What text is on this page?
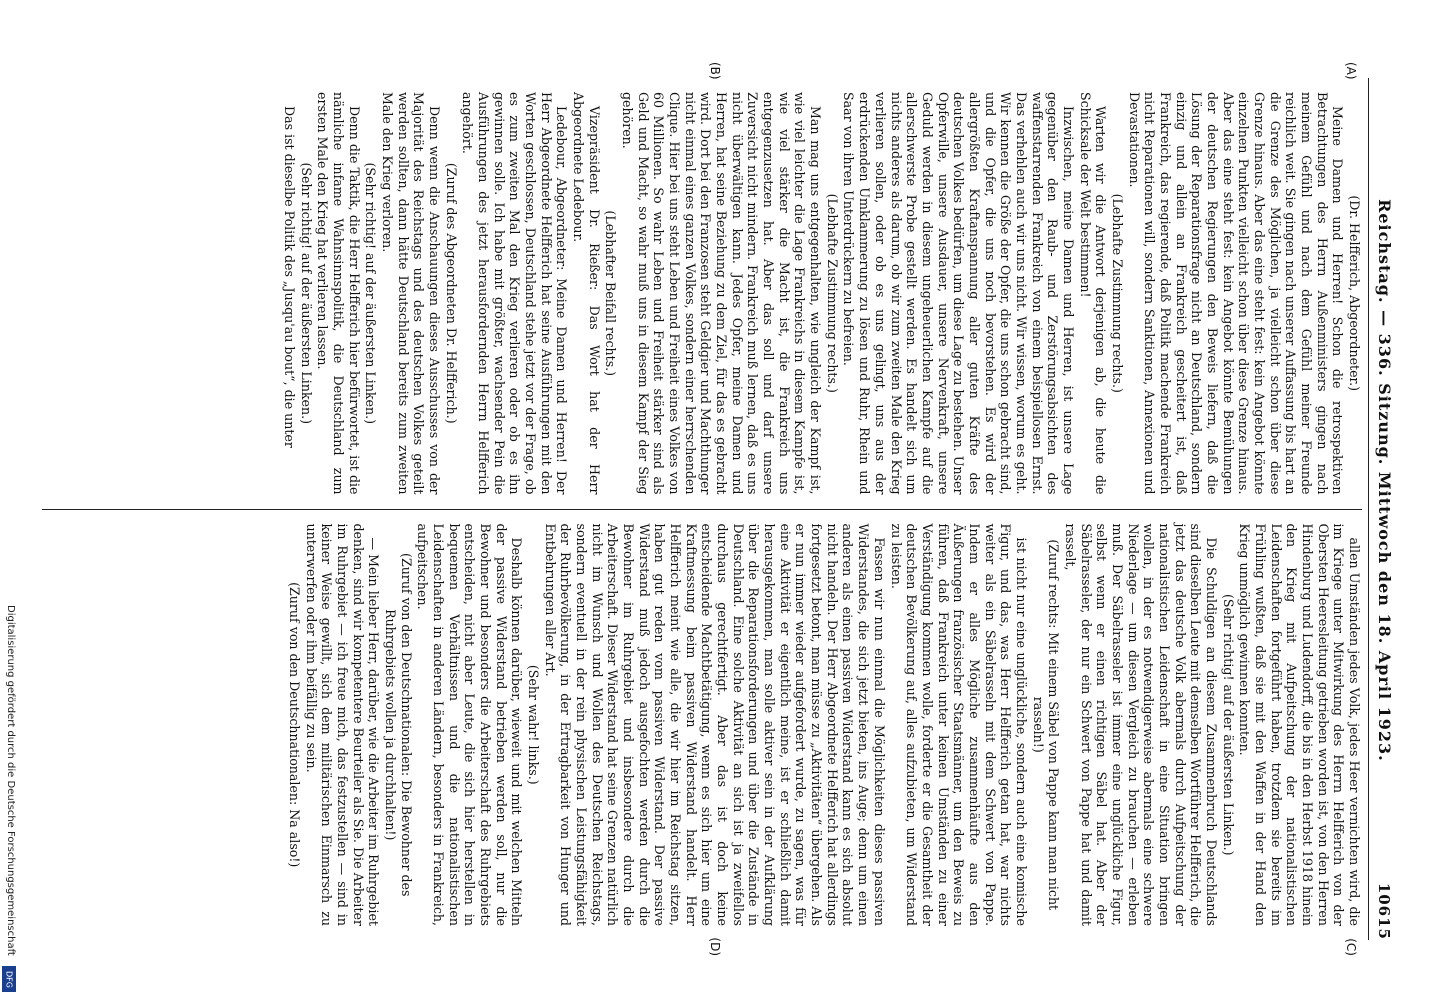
Reichstag. — 336. Sitzung. Mittwoch den 18. April 1923.
10615
(A)
(B)

(Dr. Helfferich, Abgeordneter.)

Meine Damen und Herren! Schon die retrospektiven Betrachtungen des Herrn Außenministers gingen nach meinem Gefühl und nach dem Gefühl meiner Freunde reichlich weit. Sie gingen nach unserer Auffassung bis hart an die Grenze des Möglichen, ja vielleicht schon über diese Grenze hinaus. Aber das eine steht fest: kein Angebot könnte einzelnen Punkten vielleicht schon über diese Grenze hinaus. Aber das eine steht fest: kein Angebot könnte Bemühungen der deutschen Regierungen den Beweis liefern, daß die Lösung der Reparationsfrage nicht an Deutschland, sondern einzig und allein an Frankreich gescheitert ist, daß Frankreich, das regierende, daß Politik machende Frankreich nicht Reparationen will, sondern Sanktionen, Annexionen und Devastationen.

(Lebhafte Zustimmung rechts.)

Warten wir die Antwort derjenigen ab, die heute die Schicksale der Welt bestimmen!

Inzwischen, meine Damen und Herren, ist unsere Lage gegenüber den Raub- und Zerstörungsabsichten des waffenstarrenden Frankreich von einem beispiellosen Ernst. Das verhehlen auch wir uns nicht. Wir wissen, worum es geht. Wir kennen die Größe der Opfer, die uns schon gebracht sind, und die Opfer, die uns noch bevorstehen. Es wird der allergrößten Kraftanspannung aller guten Kräfte des deutschen Volkes bedürfen, um diese Lage zu bestehen. Unser Opferwille, unsere Ausdauer, unsere Nervenkraft, unsere Geduld werden in diesem ungeheuerlichen Kampfe auf die allerschwerste Probe gestellt werden. Es handelt sich um nichts anderes als darum, ob wir zum zweiten Male den Krieg verlieren sollen, oder ob es uns gelingt, uns aus der erdrückenden Umklammerung zu lösen und Ruhr, Rhein und Saar von ihren Unterdrückern zu befreien.

(Lebhafte Zustimmung rechts.)

Man mag uns entgegenhalten, wie ungleich der Kampf ist, wie viel leichter die Lage Frankreichs in diesem Kampfe ist, wie viel stärker die Macht ist, die Frankreich uns entgegenzusetzen hat. Aber das soll und darf unsere Zuversicht nicht mindern. Frankreich muß lernen, daß es uns nicht überwältigen kann. Jedes Opfer, meine Damen und Herren, hat seine Beziehung zu dem Ziel, für das es gebracht wird. Dort bei den Franzosen steht Geldgier und Machthunger nicht einmal eines ganzen Volkes, sondern einer herrschenden Clique. Hier bei uns steht Leben und Freiheit eines Volkes von 60 Millionen. So wahr Leben und Freiheit stärker sind als Geld und Macht, so wahr muß uns in diesem Kampf der Sieg gehören.

(Lebhafter Beifall rechts.)

Vizepräsident Dr. Rießer: Das Wort hat der Herr Abgeordnete Ledebour.

Ledebour, Abgeordneter: Meine Damen und Herren! Der Herr Abgeordnete Helfferich hat seine Ausführungen mit den Worten geschlossen, Deutschland stehe jetzt vor der Frage, ob es zum zweiten Mal den Krieg verlieren oder ob es ihn gewinnen solle. Ich habe mit größter, wachsender Pein die Ausführungen des jetzt herausfordernden Herrn Helfferich angehört.

(Zuruf des Abgeordneten Dr. Helfferich.)

Denn wenn die Anschauungen dieses Ausschusses von der Majorität des Reichstags und des deutschen Volkes geteilt werden sollten, dann hätte Deutschland bereits zum zweiten Male den Krieg verloren.

(Sehr richtig! auf der äußersten Linken.)

Denn die Taktik, die Herr Helfferich hier befürwortet, ist die nämliche infame Wahnsinnspolitik, die Deutschland zum ersten Male den Krieg hat verlieren lassen.

(Sehr richtig! auf der äußersten Linken.)

Das ist dieselbe Politik des „Jusqu'au bout“, die unter

(C)
(D)

allen Umständen jedes Volk, jedes Heer vernichten wird, die im Kriege unter Mitwirkung des Herrn Helfferich von der Obersten Heeresleitung getrieben worden ist, von den Herren Hindenburg und Ludendorff, die bis in den Herbst 1918 hinein den Krieg mit Aufpeitschung der nationalistischen Leidenschaften fortgeführt haben, trotzdem sie bereits im Frühling wußten, daß sie mit den Waffen in der Hand den Krieg unmöglich gewinnen konnten.

(Sehr richtig! auf der äußersten Linken.)

Die Schuldigen an diesem Zusammenbruch Deutschlands sind dieselben Leute mit demselben Wortführer Helfferich, die jetzt das deutsche Volk abermals durch Aufpeitschung der nationalistischen Leidenschaft in eine Situation bringen wollen, in der es notwendigerweise abermals eine schwere Niederlage — um diesen Vergleich zu brauchen — erleben muß. Der Säbelrasseler ist immer eine unglückliche Figur, selbst wenn er einen richtigen Säbel hat. Aber der Säbelrasseler, der nur ein Schwert von Pappe hat und damit rasselt,

(Zuruf rechts: Mit einem Säbel von Pappe kann man nicht rasseln!)

ist nicht nur eine unglückliche, sondern auch eine komische Figur, und das, was Herr Helfferich getan hat, war nichts weiter als ein Säbelrasseln mit dem Schwert von Pappe. Indem er alles Mögliche zusammenhäufte aus den Äußerungen französischer Staatsmänner, um den Beweis zu führen, daß Frankreich unter keinen Umständen zu einer Verständigung kommen wolle, forderte er die Gesamtheit der deutschen Bevölkerung auf, alles aufzubieten, um Widerstand zu leisten.

Fassen wir nun einmal die Möglichkeiten dieses passiven Widerstandes, die sich jetzt bieten, ins Auge; denn um einen anderen als einen passiven Widerstand kann es sich absolut nicht handeln. Der Herr Abgeordnete Helfferich hat allerdings fortgesetzt betont, man müsse zu „Aktivitäten“ übergehen. Als er nun immer wieder aufgefordert wurde, zu sagen, was für eine Aktivität er eigentlich meine, ist er schließlich damit herausgekommen, man solle aktiver sein in der Aufklärung über die Reparationsforderungen und über die Zustände in Deutschland. Eine solche Aktivität an sich ist ja zweifellos durchaus gerechtfertigt. Aber das ist doch keine entscheidende Machtbetätigung, wenn es sich hier um eine Kraftmessung beim passiven Widerstand handelt. Herr Helfferich meint wie alle, die wir hier im Reichstag sitzen, haben gut reden vom passiven Widerstand. Der passive Widerstand muß jedoch ausgefochten werden durch die Bewohner im Ruhrgebiet und insbesondere durch die Arbeiterschaft. Dieser Widerstand hat seine Grenzen natürlich nicht im Wunsch und Wollen des Deutschen Reichstags, sondern eventuell in der rein physischen Leistungsfähigkeit der Ruhrbevölkerung, in der Ertragbarkeit von Hunger und Entbehrungen aller Art.

(Sehr wahr! links.)

Deshalb können darüber, wieweit und mit welchen Mitteln der passive Widerstand betrieben werden soll, nur die Bewohner und besonders die Arbeiterschaft des Ruhrgebiets entscheiden, nicht aber Leute, die sich hier herstellen in bequemen Verhältnissen und die nationalistischen Leidenschaften in anderen Ländern, besonders in Frankreich, aufpeitschen.

(Zuruf von den Deutschnationalen: Die Bewohner des Ruhrgebiets wollen ja durchhalten!)

— Mein lieber Herr, darüber, wie die Arbeiter im Ruhrgebiet denken, sind wir kompetentere Beurteiler als Sie. Die Arbeiter im Ruhrgebiet — ich freue mich, das festzustellen — sind in keiner Weise gewillt, sich dem militärischen Einmarsch zu unterwerfen oder ihm beifällig zu sein.

(Zuruf von den Deutschnationalen: Na also!)

Digitalisierung gefördert durch die Deutsche Forschungsgemeinschaft
DFG
